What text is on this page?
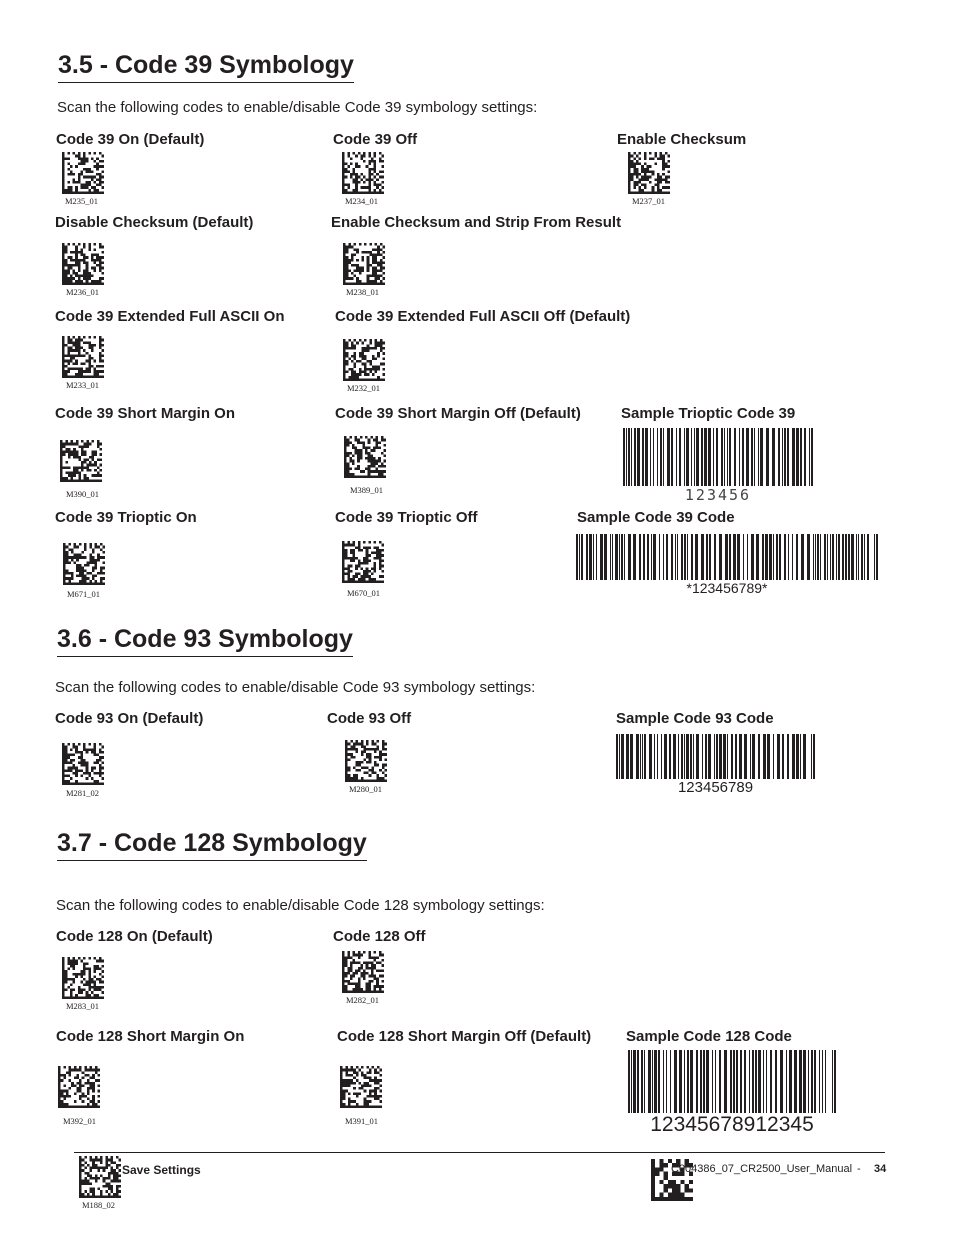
3.5 - Code 39 Symbology
Scan the following codes to enable/disable Code 39 symbology settings:
Code 39 On (Default)
M235_01
Code 39 Off
M234_01
Enable Checksum
M237_01
Disable Checksum (Default)
M236_01
Enable Checksum and Strip From Result
M238_01
Code 39 Extended Full ASCII On
M233_01
Code 39 Extended Full ASCII Off (Default)
M232_01
Code 39 Short Margin On
M390_01
Code 39 Short Margin Off (Default)
M389_01
Sample Trioptic Code 39
123456
Code 39 Trioptic On
M671_01
Code 39 Trioptic Off
M670_01
Sample Code 39 Code
*123456789*
3.6 - Code 93 Symbology
Scan the following codes to enable/disable Code 93 symbology settings:
Code 93 On (Default)
M281_02
Code 93 Off
M280_01
Sample Code 93 Code
123456789
3.7 - Code 128 Symbology
Scan the following codes to enable/disable Code 128 symbology settings:
Code 128 On (Default)
M283_01
Code 128 Off
M282_01
Code 128 Short Margin On
M392_01
Code 128 Short Margin Off (Default)
M391_01
Sample Code 128 Code
12345678912345
Save Settings
M188_02
C004386_07_CR2500_User_Manual - 34
